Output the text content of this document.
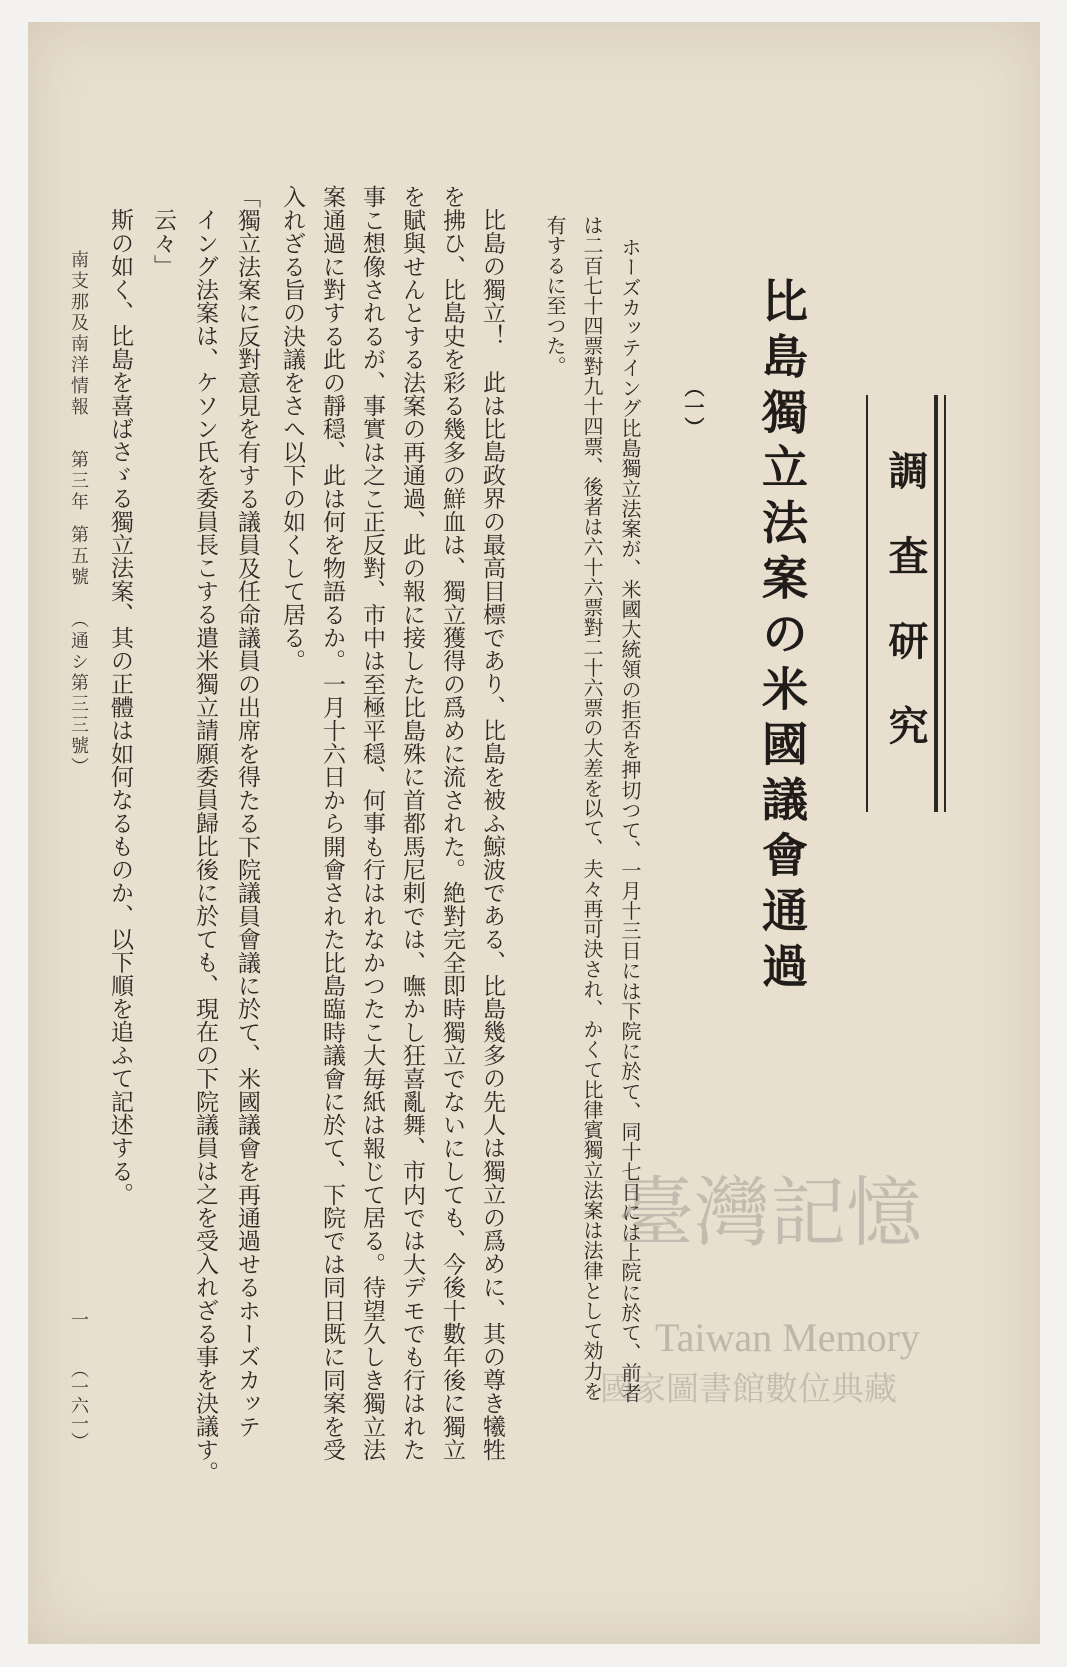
調査研究
比島獨立法案の米國議會通過
（一）
ホーズカッテイング比島獨立法案が、米國大統領の拒否を押切つて、一月十三日には下院に於て、同十七日には上院に於て、前者
は二百七十四票對九十四票、後者は六十六票對二十六票の大差を以て、夫々再可決され、かくて比律賓獨立法案は法律として効力を
有するに至つた。
比島の獨立！　此は比島政界の最高目標であり、比島を被ふ鯨波である、比島幾多の先人は獨立の爲めに、其の尊き犧牲
を拂ひ、比島史を彩る幾多の鮮血は、獨立獲得の爲めに流された。絶對完全即時獨立でないにしても、今後十數年後に獨立
を賦與せんとする法案の再通過、此の報に接した比島殊に首都馬尼剌では、嘸かし狂喜亂舞、市内では大デモでも行はれた
事こ想像されるが、事實は之こ正反對、市中は至極平穏、何事も行はれなかつたこ大毎紙は報じて居る。待望久しき獨立法
案通過に對する此の靜穏、此は何を物語るか。一月十六日から開會された比島臨時議會に於て、下院では同日既に同案を受
入れざる旨の決議をさへ以下の如くして居る。
「獨立法案に反對意見を有する議員及任命議員の出席を得たる下院議員會議に於て、米國議會を再通過せるホーズカッテ
イング法案は、ケソン氏を委員長こする遣米獨立請願委員歸比後に於ても、現在の下院議員は之を受入れざる事を決議す。
云々」
斯の如く、比島を喜ばさゞる獨立法案、其の正體は如何なるものか、以下順を追ふて記述する。
南支那及南洋情報
第三年
第五號
（通シ第三三號）
一
（一六一）
臺灣記憶
Taiwan Memory
國家圖書館數位典藏
